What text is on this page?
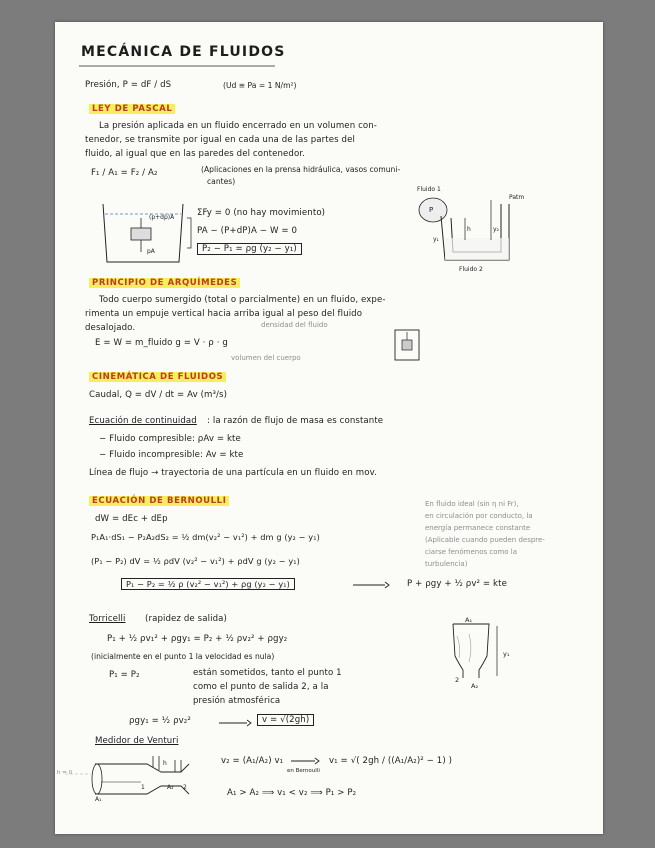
MECÁNICA DE FLUIDOS
Presión, P = dF / dS	(Ud ≡ Pa = 1 N/m²)
LEY DE PASCAL
La presión aplicada en un fluido encerrado en un volumen con-
tenedor, se transmite por igual en cada una de las partes del
fluido, al igual que en las paredes del contenedor.
F₁ / A₁ = F₂ / A₂	(Aplicaciones en la prensa hidráulica, vasos comuni-
cantes)
(p+dp)A
pA
ΣFy = 0 (no hay movimiento)
PA − (P+dP)A − W = 0
P₂ − P₁ = ρg (y₂ − y₁)
Fluido 1
Patm
P
h
y₁
y₂
Fluido 2
PRINCIPIO DE ARQUÍMEDES
Todo cuerpo sumergido (total o parcialmente) en un fluido, expe-
rimenta un empuje vertical hacia arriba igual al peso del fluido
desalojado.	densidad del fluido
E = W = m_fluido g = V · ρ · g
volumen del cuerpo
CINEMÁTICA DE FLUIDOS
Caudal, Q = dV / dt = Av (m³/s)
Ecuación de continuidad : la razón de flujo de masa es constante
− Fluido compresible: ρAv = kte
− Fluido incompresible: Av = kte
Línea de flujo → trayectoria de una partícula en un fluido en mov.
ECUACIÓN DE BERNOULLI
dW = dEc + dEp
P₁A₁·dS₁ − P₂A₂dS₂ = ½ dm(v₂² − v₁²) + dm g (y₂ − y₁)
(P₁ − P₂) dV = ½ ρdV (v₂² − v₁²) + ρdV g (y₂ − y₁)
P₁ − P₂ = ½ ρ (v₂² − v₁²) + ρg (y₂ − y₁)	P + ρgy + ½ ρv² = kte
En fluido ideal (sin η ni Fr),
en circulación por conducto, la
energía permanece constante
(Aplicable cuando pueden despre-
ciarse fenómenos como la
turbulencia)
Torricelli (rapidez de salida)
P₁ + ½ ρv₁² + ρgy₁ = P₂ + ½ ρv₂² + ρgy₂
(inicialmente en el punto 1 la velocidad es nula)
P₁ = P₂	están sometidos, tanto el punto 1
como el punto de salida 2, a la
presión atmosférica
ρgy₁ = ½ ρv₂²	v = √(2gh)
A₁
y₁
2
A₂
Medidor de Venturi
h = 0
h
A₁
A₂
1	2
v₂ = (A₁/A₂) v₁
en Bernoulli
v₁ = √( 2gh / ((A₁/A₂)² − 1) )
A₁ > A₂ ⟹ v₁ < v₂ ⟹ P₁ > P₂
